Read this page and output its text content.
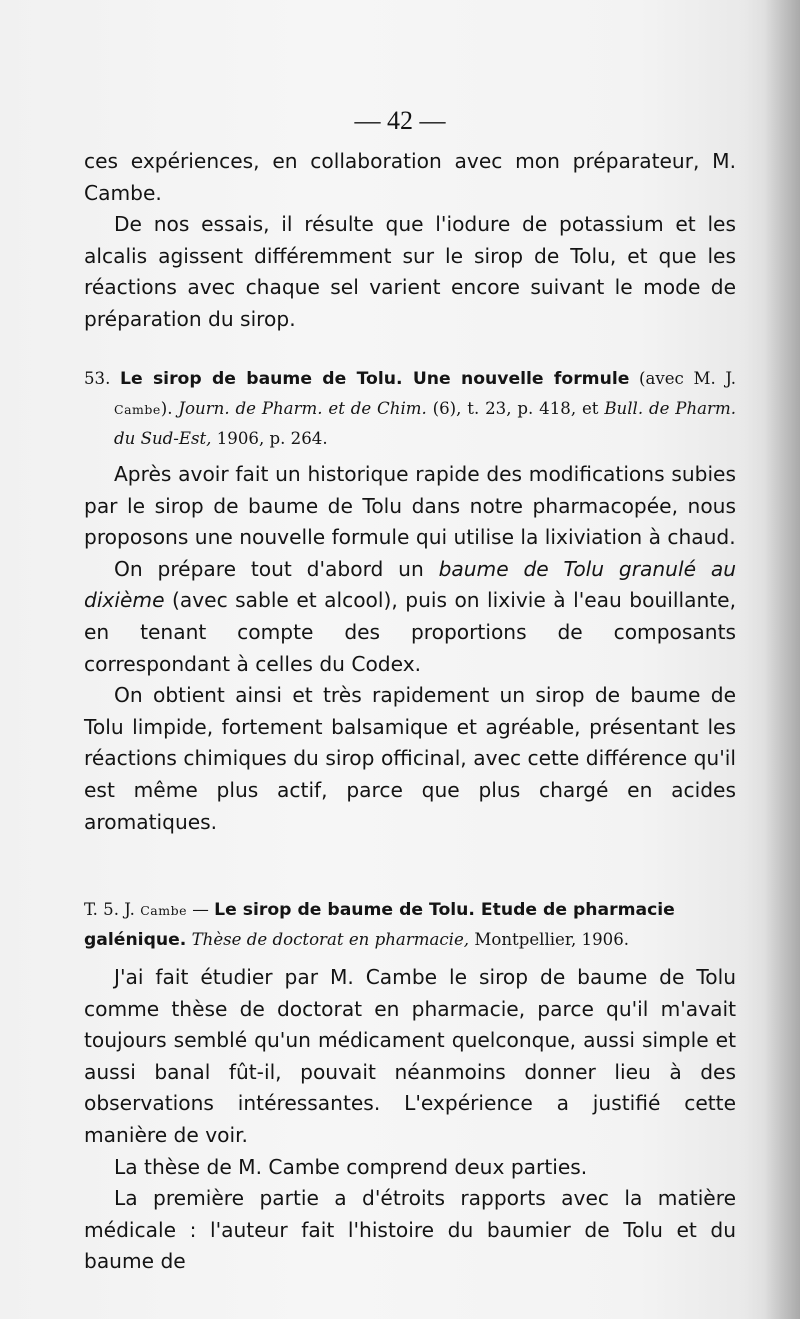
— 42 —

ces expériences, en collaboration avec mon préparateur, M. Cambe.

De nos essais, il résulte que l'iodure de potassium et les alcalis agissent différemment sur le sirop de Tolu, et que les réactions avec chaque sel varient encore suivant le mode de préparation du sirop.

53. Le sirop de baume de Tolu. Une nouvelle formule (avec M. J. Cambe). Journ. de Pharm. et de Chim. (6), t. 23, p. 418, et Bull. de Pharm. du Sud-Est, 1906, p. 264.

Après avoir fait un historique rapide des modifications subies par le sirop de baume de Tolu dans notre pharmacopée, nous proposons une nouvelle formule qui utilise la lixiviation à chaud.

On prépare tout d'abord un baume de Tolu granulé au dixième (avec sable et alcool), puis on lixivie à l'eau bouillante, en tenant compte des proportions de composants correspondant à celles du Codex.

On obtient ainsi et très rapidement un sirop de baume de Tolu limpide, fortement balsamique et agréable, présentant les réactions chimiques du sirop officinal, avec cette différence qu'il est même plus actif, parce que plus chargé en acides aromatiques.

T. 5. J. Cambe — Le sirop de baume de Tolu. Etude de pharmacie galénique. Thèse de doctorat en pharmacie, Montpellier, 1906.

J'ai fait étudier par M. Cambe le sirop de baume de Tolu comme thèse de doctorat en pharmacie, parce qu'il m'avait toujours semblé qu'un médicament quelconque, aussi simple et aussi banal fût-il, pouvait néanmoins donner lieu à des observations intéressantes. L'expérience a justifié cette manière de voir.

La thèse de M. Cambe comprend deux parties.

La première partie a d'étroits rapports avec la matière médicale : l'auteur fait l'histoire du baumier de Tolu et du baume de
